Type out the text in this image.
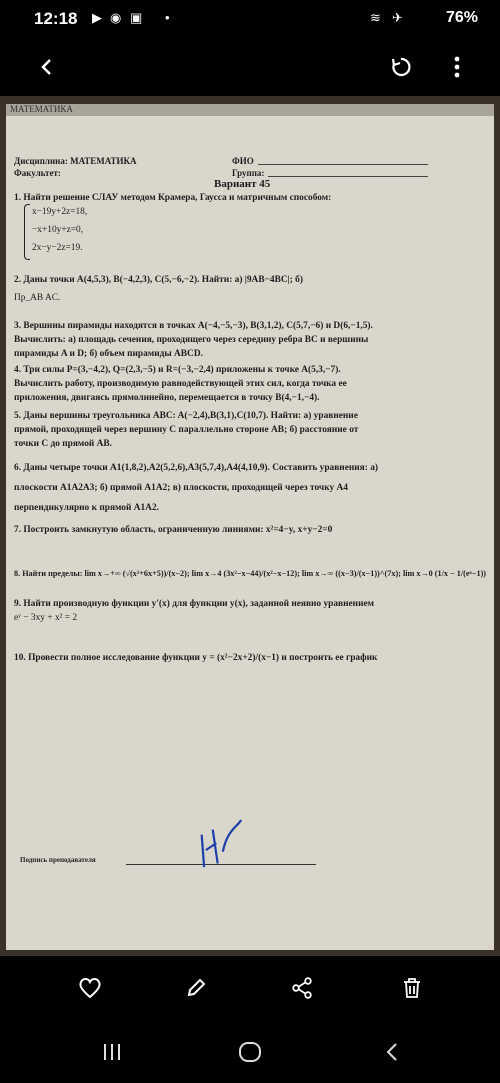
12:18 ▶ ◉ ▣ •	≋ ✈	76%
МАТЕМАТИКА
Дисциплина: МАТЕМАТИКА
Факультет:
ФИО
Группа:
Вариант 45
1. Найти решение СЛАУ методом Крамера, Гаусса и матричным способом:
x−19y+2z=18,
−x+10y+z=0,
2x−y−2z=19.
2. Даны точки A(4,5,3), B(−4,2,3), C(5,−6,−2). Найти: а) |9AB−4BC|; б)
Пр_AB AC.
3. Вершины пирамиды находятся в точках A(−4,−5,−3), B(3,1,2), C(5,7,−6) и D(6,−1,5).
Вычислить: а) площадь сечения, проходящего через середину ребра BC и вершины
пирамиды A и D; б) объем пирамиды ABCD.
4. Три силы P=(3,−4,2), Q=(2,3,−5) и R=(−3,−2,4) приложены к точке A(5,3,−7).
Вычислить работу, производимую равнодействующей этих сил, когда точка ее
приложения, двигаясь прямолинейно, перемещается в точку B(4,−1,−4).
5. Даны вершины треугольника ABC: A(−2,4),B(3,1),C(10,7). Найти: а) уравнение
прямой, проходящей через вершину C параллельно стороне AB; б) расстояние от
точки C до прямой AB.
6. Даны четыре точки A1(1,8,2),A2(5,2,6),A3(5,7,4),A4(4,10,9). Составить уравнения: а)
плоскости A1A2A3; б) прямой A1A2; в) плоскости, проходящей через точку A4
перпендикулярно к прямой A1A2.
7. Построить замкнутую область, ограниченную линиями: x²=4−y, x+y−2=0
8. Найти пределы: lim x→+∞ (√(x²+6x+5))/(x−2); lim x→4 (3x²−x−44)/(x²−x−12); lim x→∞ ((x−3)/(x−1))^(7x); lim x→0 (1/x − 1/(eˣ−1))
9. Найти производную функции y'(x) для функции y(x), заданной неявно уравнением
eʸ − 3xy + x² = 2
10. Провести полное исследование функции y = (x²−2x+2)/(x−1) и построить ее график
Подпись преподавателя
